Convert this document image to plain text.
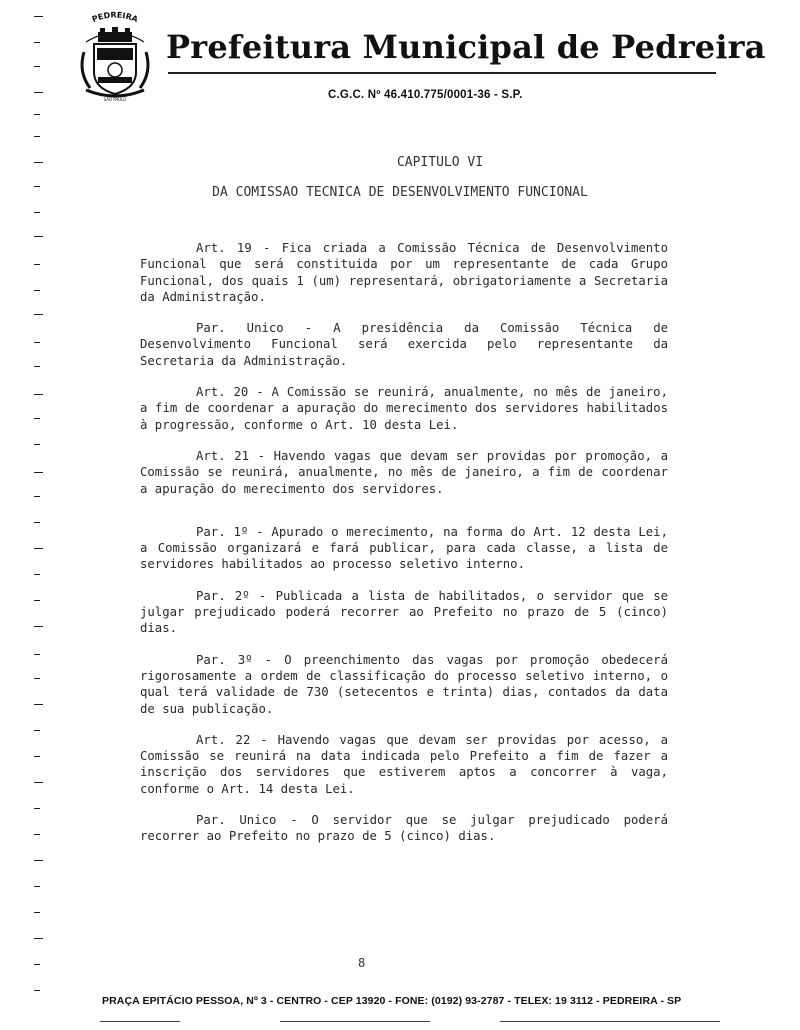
SÃO PAULO
PEDREIRA
Prefeitura Municipal de Pedreira
C.G.C. Nº 46.410.775/0001-36 - S.P.
CAPITULO VI
DA COMISSAO TECNICA DE DESENVOLVIMENTO FUNCIONAL

Art. 19 - Fica criada a Comissão Técnica de Desenvolvimento Funcional que será constituida por um representante de cada Grupo Funcional, dos quais 1 (um) representará, obrigatoriamente a Secretaria da Administração.

Par. Unico - A presidência da Comissão Técnica de Desenvolvimento Funcional será exercida pelo representante da Secretaria da Administração.

Art. 20 - A Comissão se reunirá, anualmente, no mês de janeiro, a fim de coordenar a apuração do merecimento dos servidores habilitados à progressão, conforme o Art. 10 desta Lei.

Art. 21 - Havendo vagas que devam ser providas por promoção, a Comissão se reunirá, anualmente, no mês de janeiro, a fim de coordenar a apuração do merecimento dos servidores.

Par. 1º - Apurado o merecimento, na forma do Art. 12 desta Lei, a Comissão organizará e fará publicar, para cada classe, a lista de servidores habilitados ao processo seletivo interno.

Par. 2º - Publicada a lista de habilitados, o servidor que se julgar prejudicado poderá recorrer ao Prefeito no prazo de 5 (cinco) dias.

Par. 3º - O preenchimento das vagas por promoção obedecerá rigorosamente a ordem de classificação do processo seletivo interno, o qual terá validade de 730 (setecentos e trinta) dias, contados da data de sua publicação.

Art. 22 - Havendo vagas que devam ser providas por acesso, a Comissão se reunirá na data indicada pelo Prefeito a fim de fazer a inscrição dos servidores que estiverem aptos a concorrer à vaga, conforme o Art. 14 desta Lei.

Par. Unico - O servidor que se julgar prejudicado poderá recorrer ao Prefeito no prazo de 5 (cinco) dias.

8
PRAÇA EPITÁCIO PESSOA, Nº 3 - CENTRO - CEP 13920 - FONE: (0192) 93-2787 - TELEX: 19 3112 - PEDREIRA - SP
